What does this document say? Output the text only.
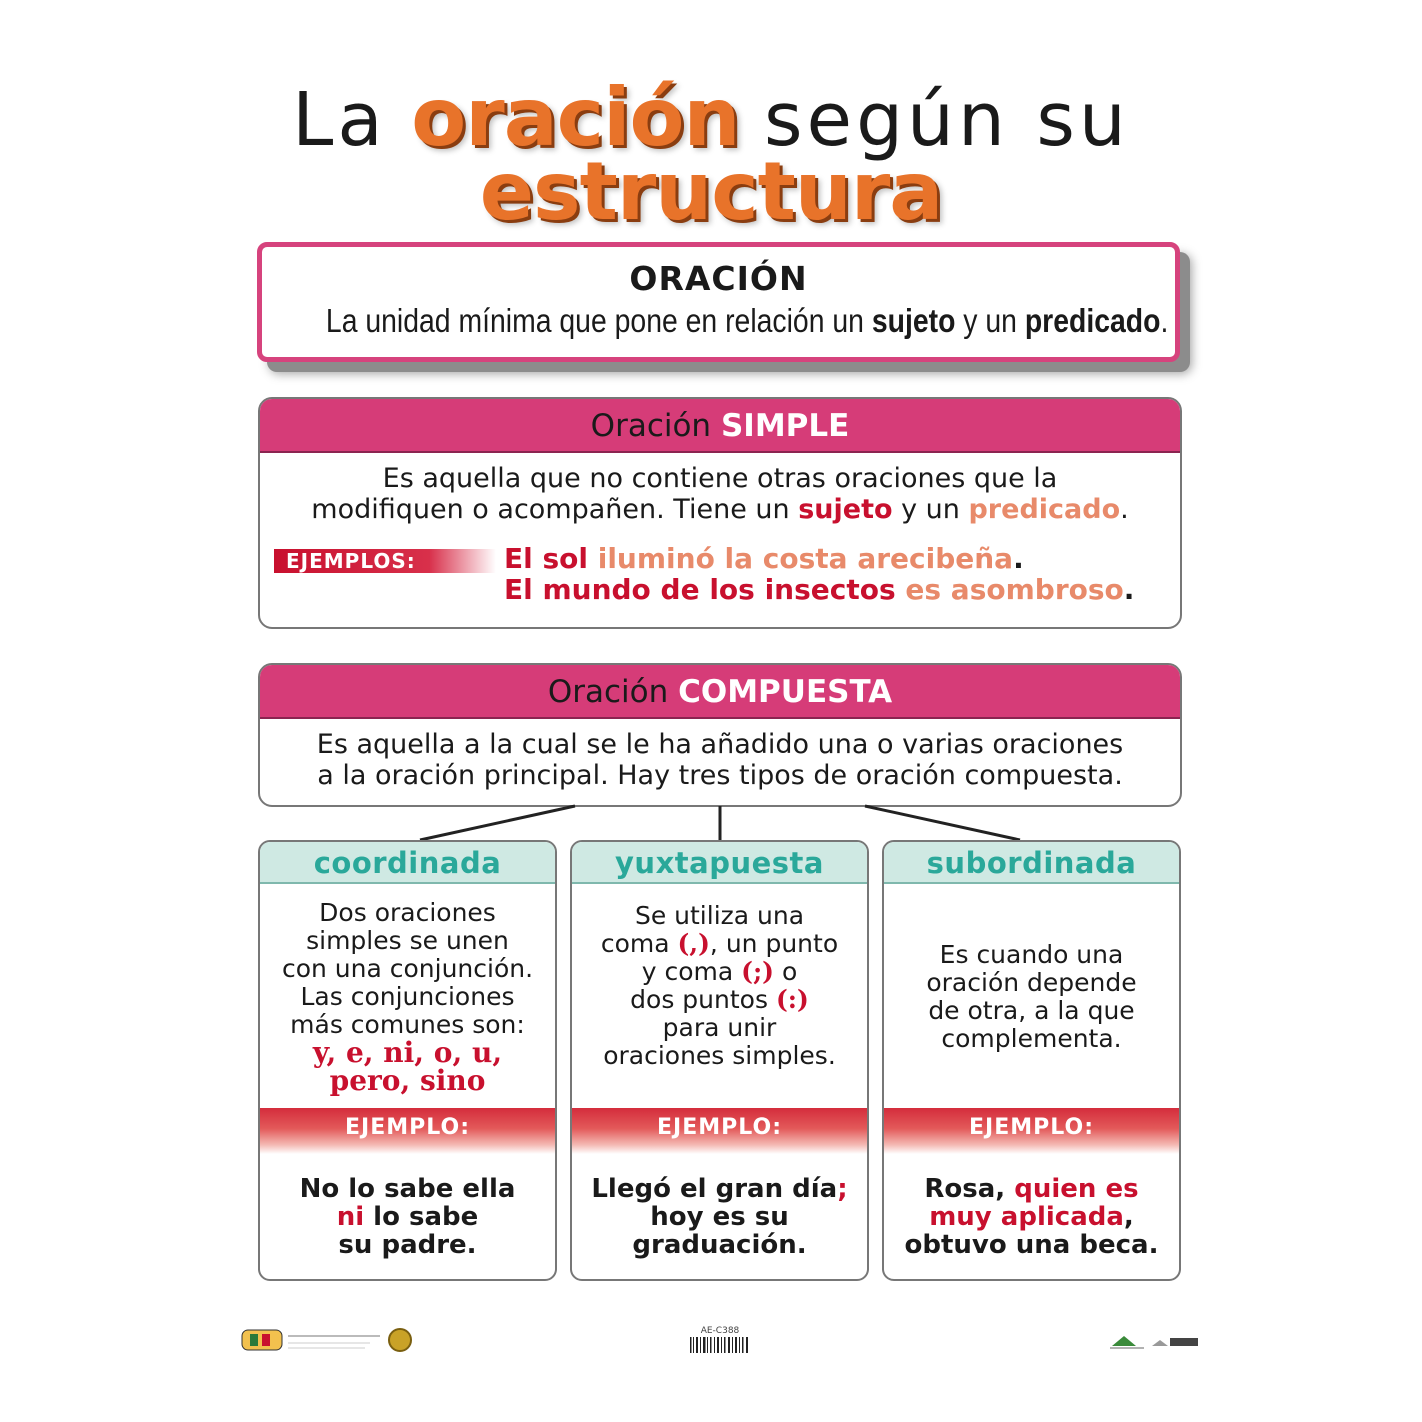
La oración según su
estructura
ORACIÓN
La unidad mínima que pone en relación un sujeto y un predicado.
Oración SIMPLE
Es aquella que no contiene otras oraciones que la
modifiquen o acompañen. Tiene un sujeto y un predicado.
EJEMPLOS:	El sol iluminó la costa arecibeña.
El mundo de los insectos es asombroso.
Oración COMPUESTA
Es aquella a la cual se le ha añadido una o varias oraciones
a la oración principal. Hay tres tipos de oración compuesta.
coordinada
Dos oraciones
simples se unen
con una conjunción.
Las conjunciones
más comunes son:
y, e, ni, o, u,
pero, sino
EJEMPLO:
No lo sabe ella
ni lo sabe
su padre.
yuxtapuesta
Se utiliza una
coma (,), un punto
y coma (;) o
dos puntos (:)
para unir
oraciones simples.
EJEMPLO:
Llegó el gran día;
hoy es su
graduación.
subordinada
Es cuando una
oración depende
de otra, a la que
complementa.
EJEMPLO:
Rosa, quien es
muy aplicada,
obtuvo una beca.
AE-C388
